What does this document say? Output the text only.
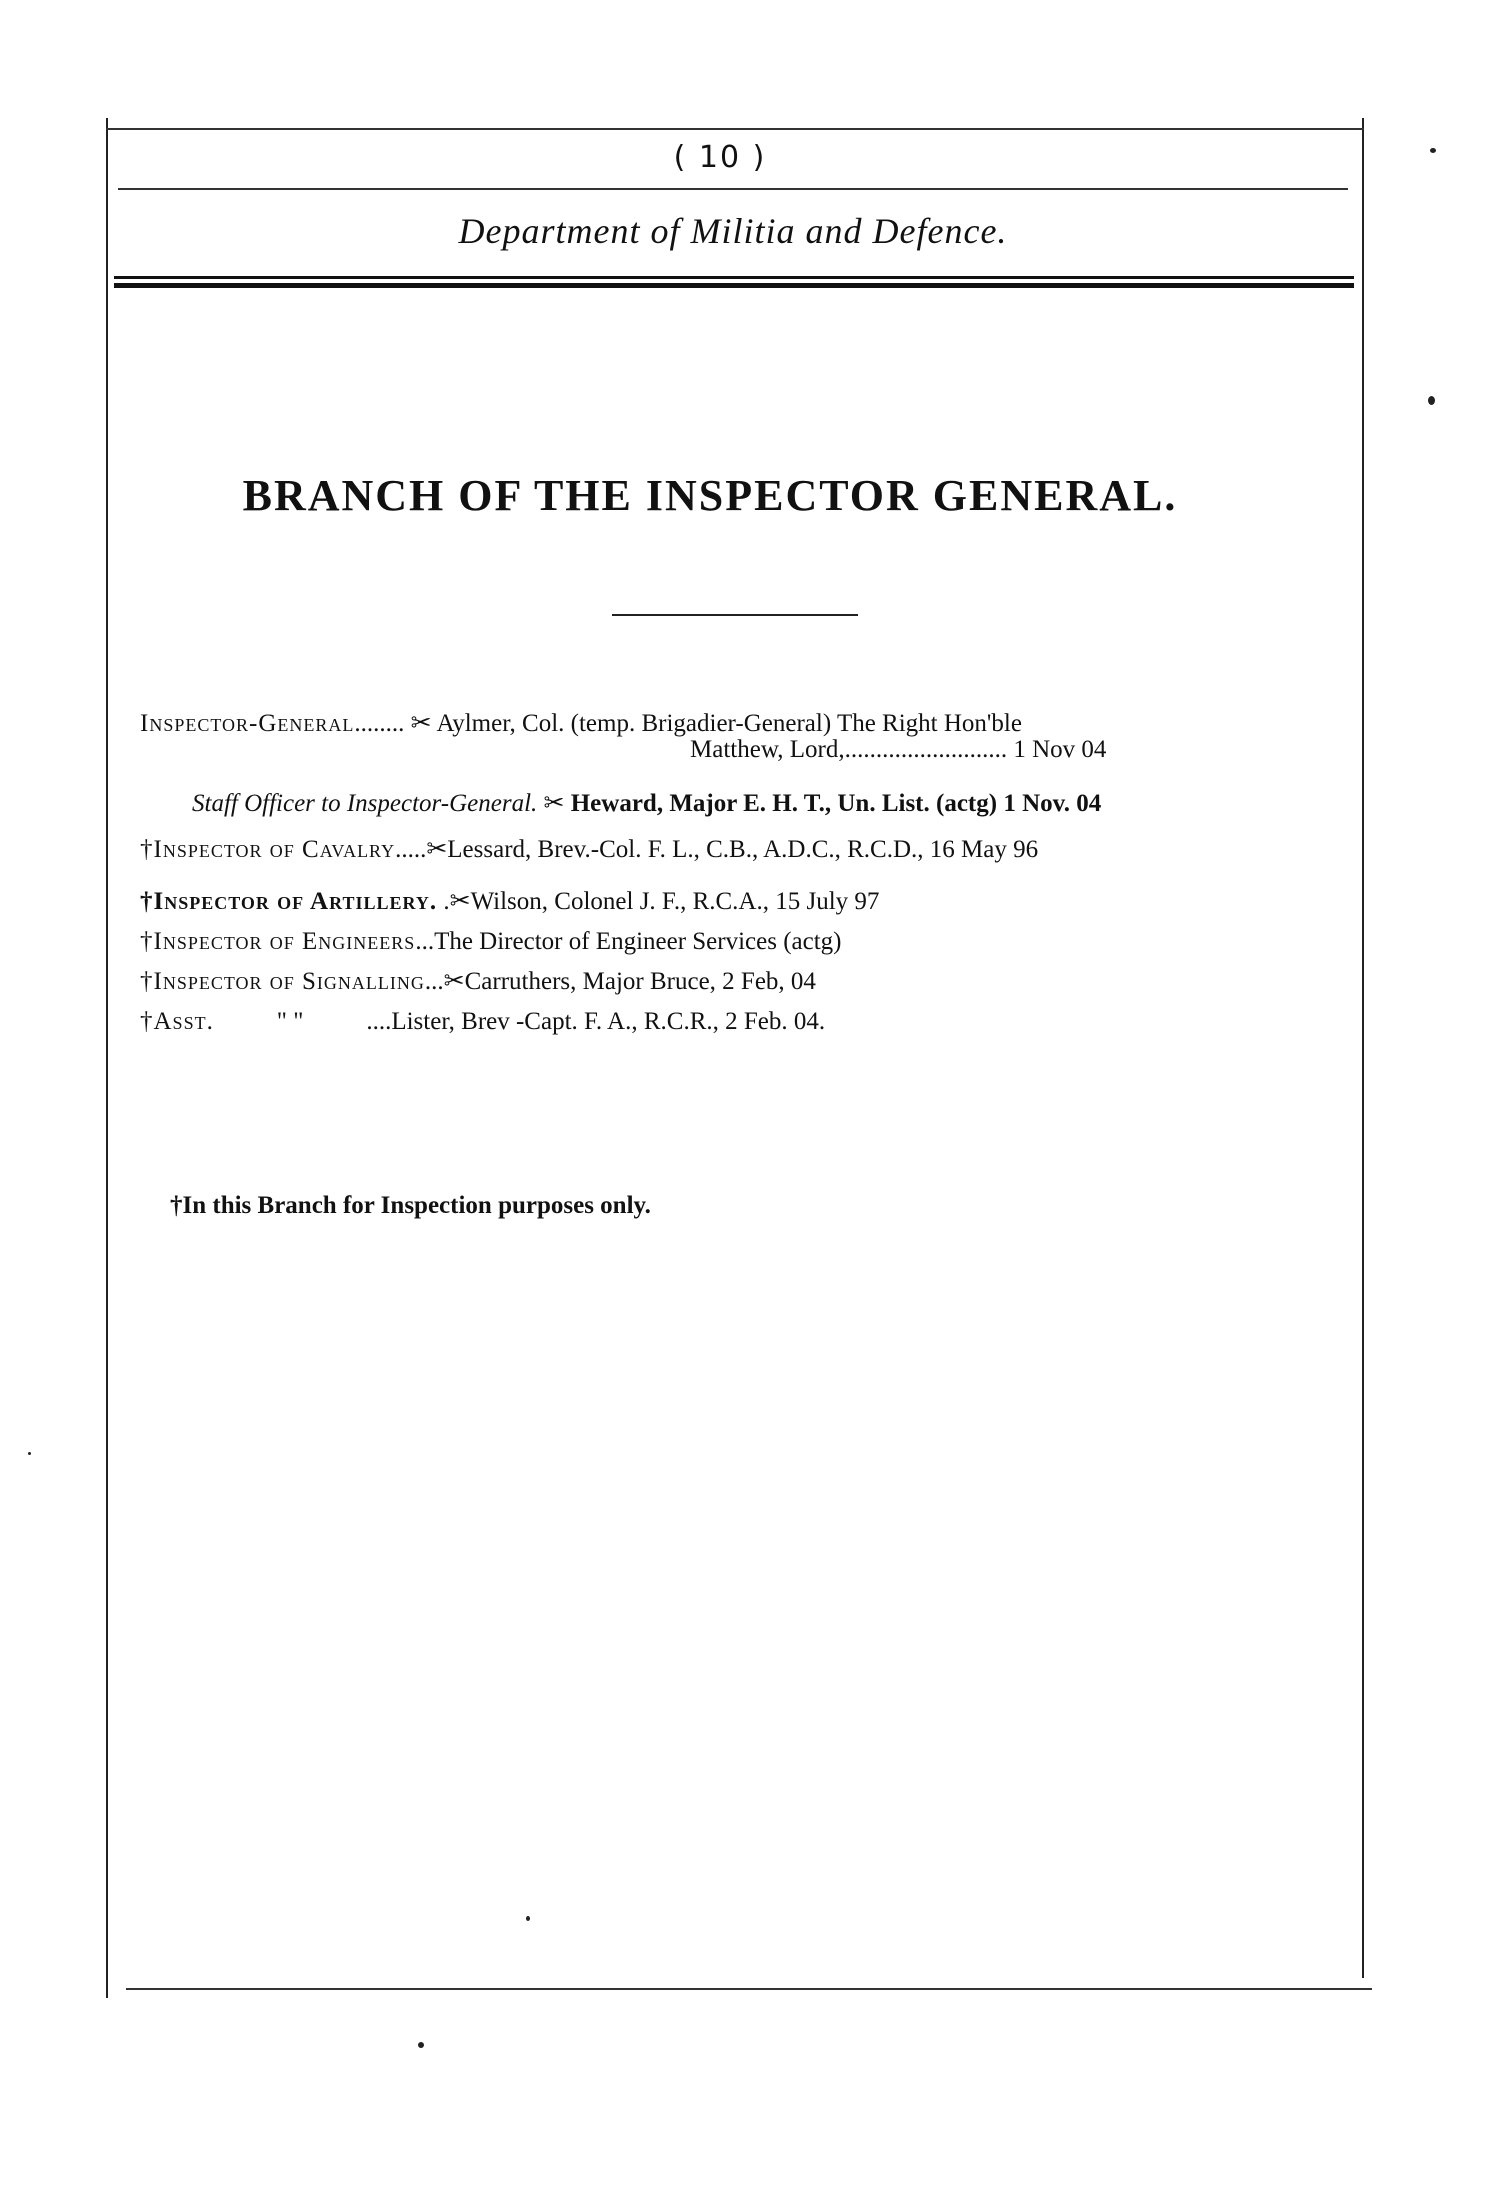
( 10 )
Department of Militia and Defence.
BRANCH OF THE INSPECTOR GENERAL.
Inspector-General........ ✂ Aylmer, Col. (temp. Brigadier-General) The Right Hon'ble
Matthew, Lord,.......................... 1 Nov 04
Staff Officer to Inspector-General. ✂ Heward, Major E. H. T., Un. List. (actg) 1 Nov. 04
†Inspector of Cavalry.....✂Lessard, Brev.-Col. F. L., C.B., A.D.C., R.C.D., 16 May 96
†Inspector of Artillery. .✂Wilson, Colonel J. F., R.C.A., 15 July 97
†Inspector of Engineers...The Director of Engineer Services (actg)
†Inspector of Signalling...✂Carruthers, Major Bruce, 2 Feb, 04
†Asst.	" "	....Lister, Brev -Capt. F. A., R.C.R., 2 Feb. 04.
†In this Branch for Inspection purposes only.
